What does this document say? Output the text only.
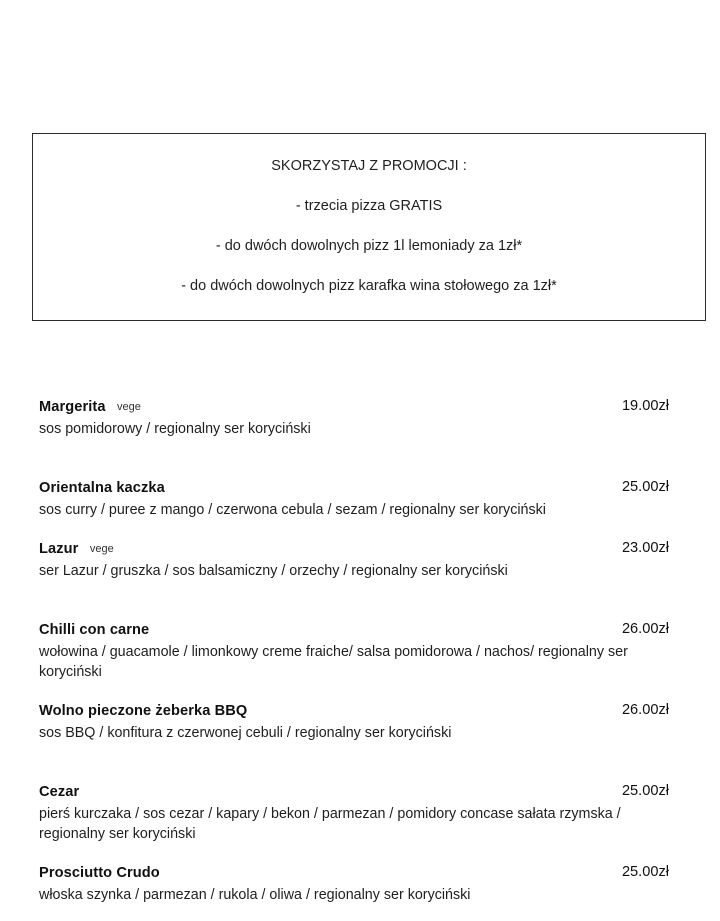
SKORZYSTAJ Z PROMOCJI :
- trzecia pizza GRATIS
- do dwóch dowolnych pizz 1l lemoniady za 1zł*
- do dwóch dowolnych pizz karafka wina stołowego za 1zł*
Margerita vege	19.00zł
sos pomidorowy / regionalny ser koryciński
Orientalna kaczka	25.00zł
sos curry / puree z mango / czerwona cebula / sezam / regionalny ser koryciński
Lazur vege	23.00zł
ser Lazur / gruszka / sos balsamiczny / orzechy / regionalny ser koryciński
Chilli con carne	26.00zł
wołowina / guacamole / limonkowy creme fraiche/ salsa pomidorowa / nachos/ regionalny ser koryciński
Wolno pieczone żeberka BBQ	26.00zł
sos BBQ / konfitura z czerwonej cebuli / regionalny ser koryciński
Cezar	25.00zł
pierś kurczaka / sos cezar / kapary / bekon / parmezan / pomidory concase sałata rzymska / regionalny ser koryciński
Prosciutto Crudo	25.00zł
włoska szynka / parmezan / rukola / oliwa / regionalny ser koryciński
